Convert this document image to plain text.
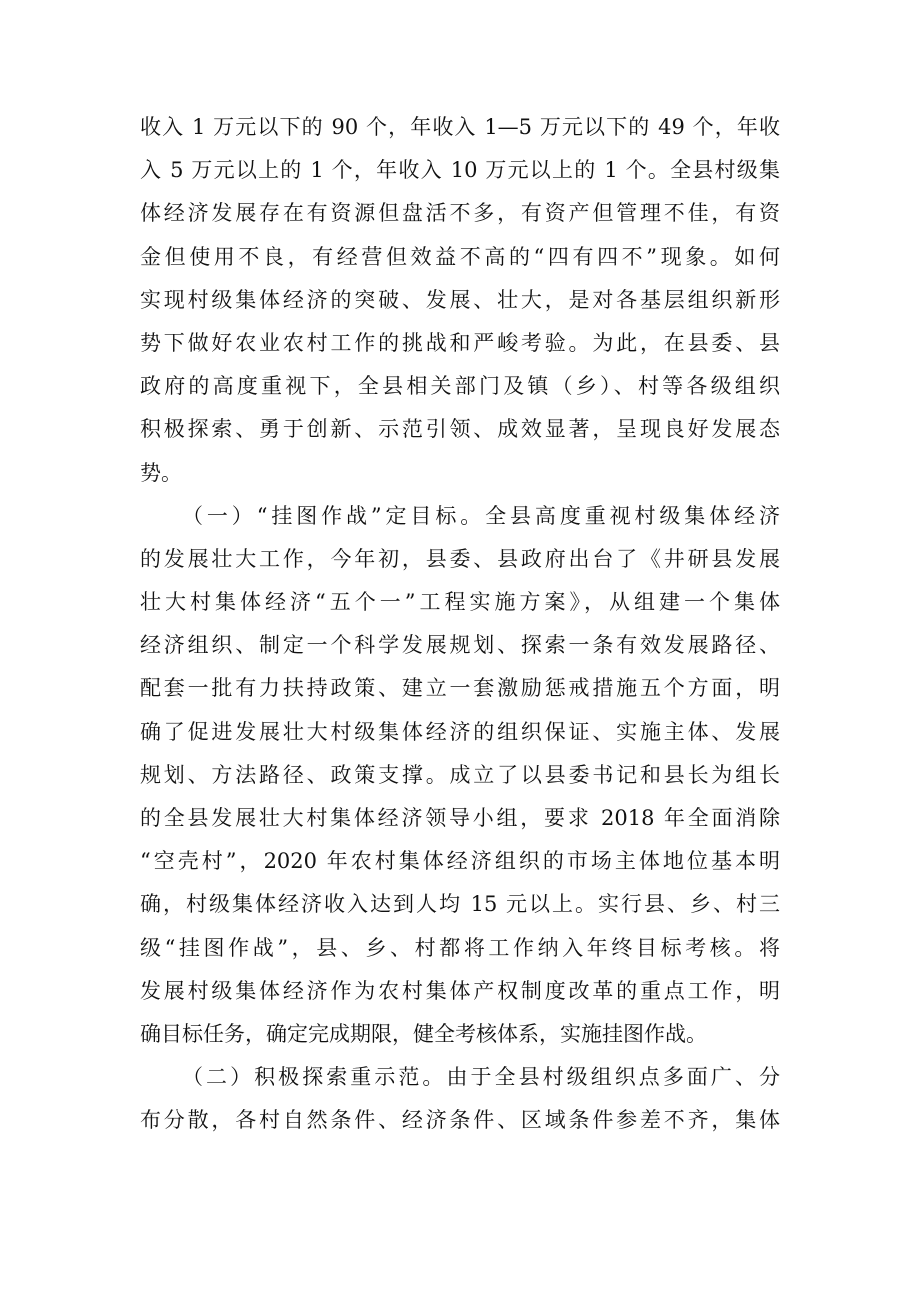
收入 1 万元以下的 90 个，年收入 1—5 万元以下的 49 个，年收
入 5 万元以上的 1 个，年收入 10 万元以上的 1 个。全县村级集
体经济发展存在有资源但盘活不多，有资产但管理不佳，有资
金但使用不良，有经营但效益不高的“四有四不”现象。如何
实现村级集体经济的突破、发展、壮大，是对各基层组织新形
势下做好农业农村工作的挑战和严峻考验。为此，在县委、县
政府的高度重视下，全县相关部门及镇（乡）、村等各级组织
积极探索、勇于创新、示范引领、成效显著，呈现良好发展态
势。
（一）“挂图作战”定目标。全县高度重视村级集体经济
的发展壮大工作，今年初，县委、县政府出台了《井研县发展
壮大村集体经济“五个一”工程实施方案》，从组建一个集体
经济组织、制定一个科学发展规划、探索一条有效发展路径、
配套一批有力扶持政策、建立一套激励惩戒措施五个方面，明
确了促进发展壮大村级集体经济的组织保证、实施主体、发展
规划、方法路径、政策支撑。成立了以县委书记和县长为组长
的全县发展壮大村集体经济领导小组，要求 2018 年全面消除
“空壳村”，2020 年农村集体经济组织的市场主体地位基本明
确，村级集体经济收入达到人均 15 元以上。实行县、乡、村三
级“挂图作战”，县、乡、村都将工作纳入年终目标考核。将
发展村级集体经济作为农村集体产权制度改革的重点工作，明
确目标任务，确定完成期限，健全考核体系，实施挂图作战。
（二）积极探索重示范。由于全县村级组织点多面广、分
布分散，各村自然条件、经济条件、区域条件参差不齐，集体
